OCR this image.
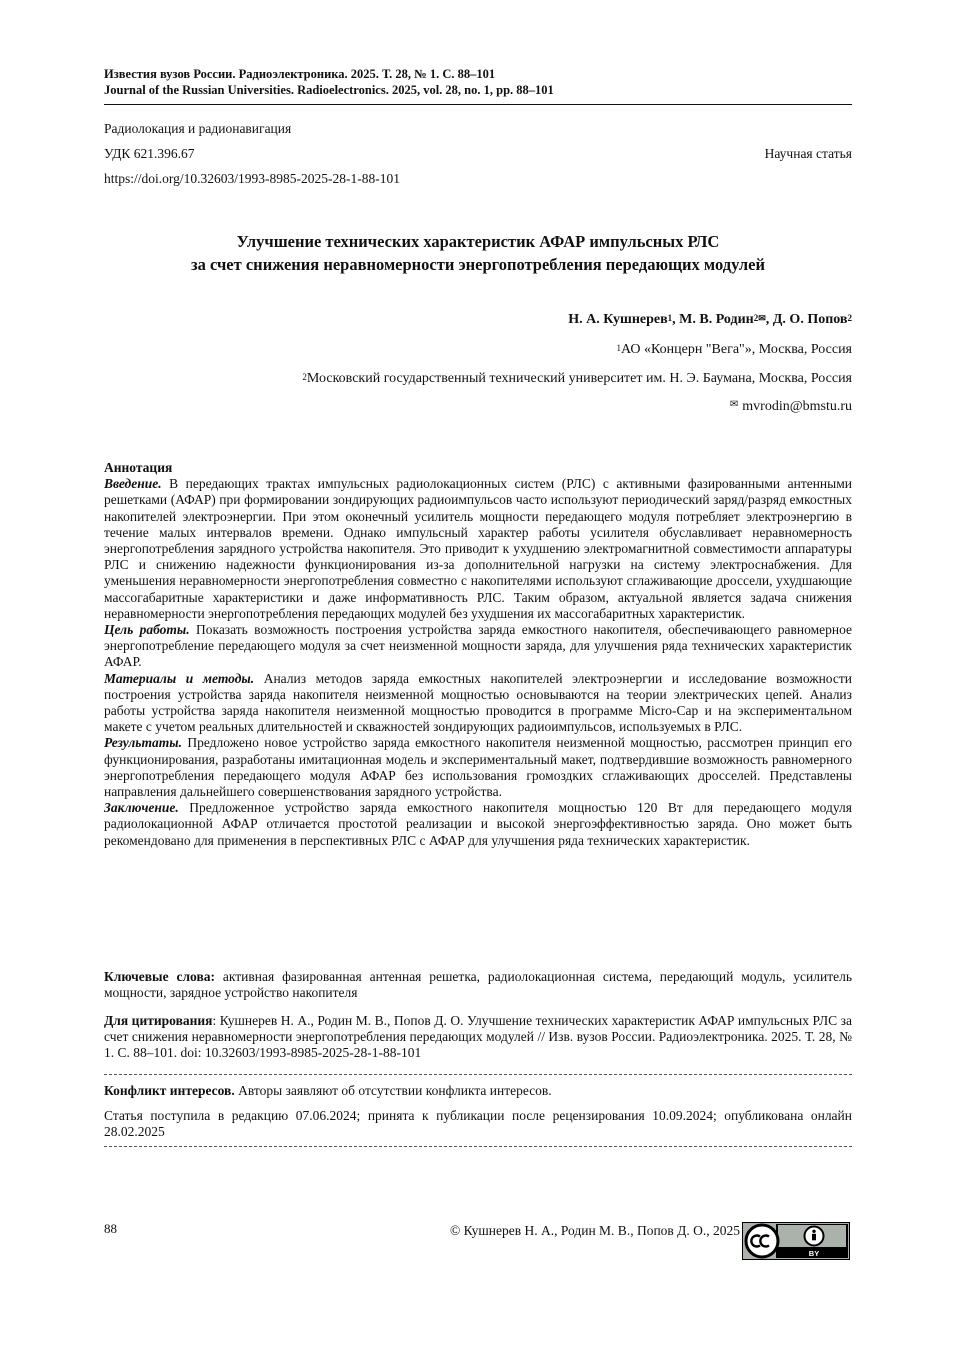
Известия вузов России. Радиоэлектроника. 2025. Т. 28, № 1. С. 88–101
Journal of the Russian Universities. Radioelectronics. 2025, vol. 28, no. 1, pp. 88–101
Радиолокация и радионавигация
УДК 621.396.67	Научная статья
https://doi.org/10.32603/1993-8985-2025-28-1-88-101
Улучшение технических характеристик АФАР импульсных РЛС
за счет снижения неравномерности энергопотребления передающих модулей
Н. А. Кушнерев$^1$, М. В. Родин$^{2✉}$, Д. О. Попов$^2$
$^1$АО «Концерн "Вега"», Москва, Россия
$^2$Московский государственный технический университет им. Н. Э. Баумана, Москва, Россия
✉ mvrodin@bmstu.ru

Аннотация

Введение. В передающих трактах импульсных радиолокационных систем (РЛС) с активными фазированными антенными решетками (АФАР) при формировании зондирующих радиоимпульсов часто используют периодический заряд/разряд емкостных накопителей электроэнергии. При этом оконечный усилитель мощности передающего модуля потребляет электроэнергию в течение малых интервалов времени. Однако импульсный характер работы усилителя обуславливает неравномерность энергопотребления зарядного устройства накопителя. Это приводит к ухудшению электромагнитной совместимости аппаратуры РЛС и снижению надежности функционирования из-за дополнительной нагрузки на систему электроснабжения. Для уменьшения неравномерности энергопотребления совместно с накопителями используют сглаживающие дроссели, ухудшающие массогабаритные характеристики и даже информативность РЛС. Таким образом, актуальной является задача снижения неравномерности энергопотребления передающих модулей без ухудшения их массогабаритных характеристик.

Цель работы. Показать возможность построения устройства заряда емкостного накопителя, обеспечивающего равномерное энергопотребление передающего модуля за счет неизменной мощности заряда, для улучшения ряда технических характеристик АФАР.

Материалы и методы. Анализ методов заряда емкостных накопителей электроэнергии и исследование возможности построения устройства заряда накопителя неизменной мощностью основываются на теории электрических цепей. Анализ работы устройства заряда накопителя неизменной мощностью проводится в программе Micro-Cap и на экспериментальном макете с учетом реальных длительностей и скважностей зондирующих радиоимпульсов, используемых в РЛС.

Результаты. Предложено новое устройство заряда емкостного накопителя неизменной мощностью, рассмотрен принцип его функционирования, разработаны имитационная модель и экспериментальный макет, подтвердившие возможность равномерного энергопотребления передающего модуля АФАР без использования громоздких сглаживающих дросселей. Представлены направления дальнейшего совершенствования зарядного устройства.

Заключение. Предложенное устройство заряда емкостного накопителя мощностью 120 Вт для передающего модуля радиолокационной АФАР отличается простотой реализации и высокой энергоэффективностью заряда. Оно может быть рекомендовано для применения в перспективных РЛС с АФАР для улучшения ряда технических характеристик.

Ключевые слова: активная фазированная антенная решетка, радиолокационная система, передающий модуль, усилитель мощности, зарядное устройство накопителя
Для цитирования: Кушнерев Н. А., Родин М. В., Попов Д. О. Улучшение технических характеристик АФАР импульсных РЛС за счет снижения неравномерности энергопотребления передающих модулей // Изв. вузов России. Радиоэлектроника. 2025. Т. 28, № 1. С. 88–101. doi: 10.32603/1993-8985-2025-28-1-88-101
Конфликт интересов. Авторы заявляют об отсутствии конфликта интересов.
Статья поступила в редакцию 07.06.2024; принята к публикации после рецензирования 10.09.2024; опубликована онлайн 28.02.2025
88	© Кушнерев Н. А., Родин М. В., Попов Д. О., 2025
BY
